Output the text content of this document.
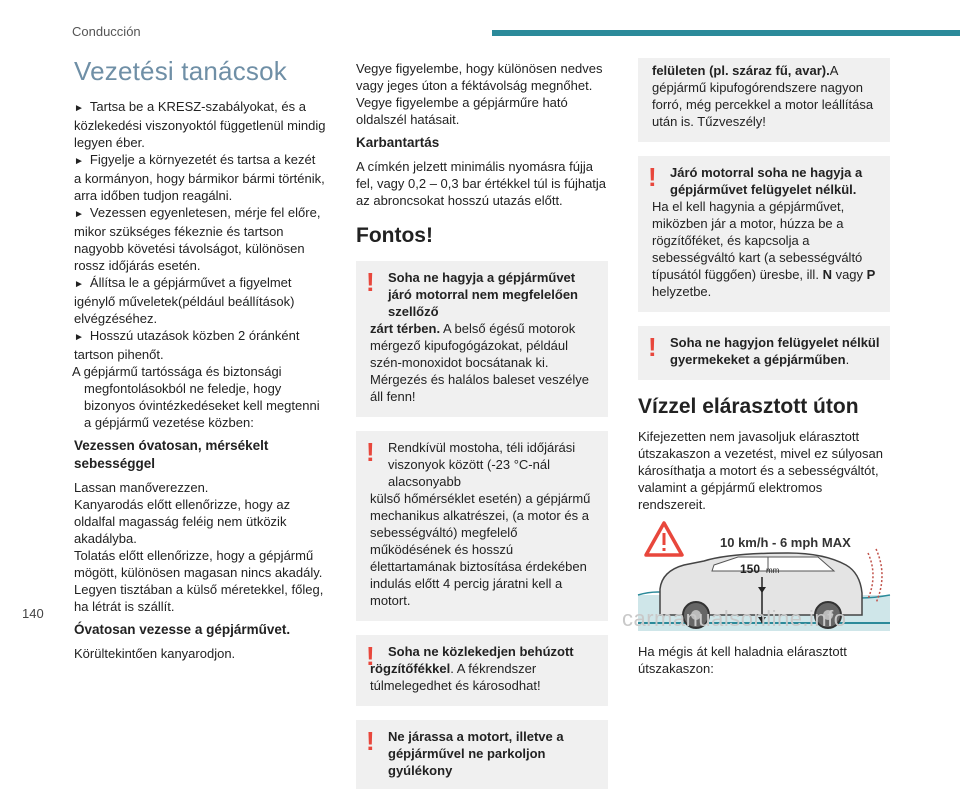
Conducción
Vezetési tanácsok

► Tartsa be a KRESZ-szabályokat, és a közlekedési viszonyoktól függetlenül mindig legyen éber.

► Figyelje a környezetét és tartsa a kezét a kormányon, hogy bármikor bármi történik, arra időben tudjon reagálni.

► Vezessen egyenletesen, mérje fel előre, mikor szükséges fékeznie és tartson nagyobb követési távolságot, különösen rossz időjárás esetén.

► Állítsa le a gépjárművet a figyelmet igénylő műveletek(például beállítások) elvégzéséhez.

► Hosszú utazások közben 2 óránként tartson pihenőt.

A gépjármű tartóssága és biztonsági megfontolásokból ne feledje, hogy bizonyos óvintézkedéseket kell megtenni a gépjármű vezetése közben:

Vezessen óvatosan, mérsékelt sebességgel

Lassan manőverezzen.
Kanyarodás előtt ellenőrizze, hogy az oldalfal magasság feléig nem ütközik akadályba.
Tolatás előtt ellenőrizze, hogy a gépjármű mögött, különösen magasan nincs akadály.
Legyen tisztában a külső méretekkel, főleg, ha létrát is szállít.

Óvatosan vezesse a gépjárművet.

Körültekintően kanyarodjon.

Vegye figyelembe, hogy különösen nedves vagy jeges úton a féktávolság megnőhet.
Vegye figyelembe a gépjárműre ható oldalszél hatásait.

Karbantartás

A címkén jelzett minimális nyomásra fújja fel, vagy 0,2 – 0,3 bar értékkel túl is fújhatja az abroncsokat hosszú utazás előtt.

Fontos!
!	Soha ne hagyja a gépjárművet járó motorral nem megfelelően szellőző
zárt térben. A belső égésű motorok mérgező kipufogógázokat, például szén-monoxidot bocsátanak ki. Mérgezés és halálos baleset veszélye áll fenn!
!	Rendkívül mostoha, téli időjárási viszonyok között (-23 °C-nál alacsonyabb
külső hőmérséklet esetén) a gépjármű mechanikus alkatrészei, (a motor és a sebességváltó) megfelelő működésének és hosszú élettartamának biztosítása érdekében indulás előtt 4 percig járatni kell a motort.
!	Soha ne közlekedjen behúzott
rögzítőfékkel. A fékrendszer túlmelegedhet és károsodhat!
!	Ne járassa a motort, illetve a gépjárművel ne parkoljon gyúlékony
felületen (pl. száraz fű, avar).A gépjármű kipufogórendszere nagyon forró, még percekkel a motor leállítása után is. Tűzveszély!
!	Járó motorral soha ne hagyja a gépjárművet felügyelet nélkül.
Ha el kell hagynia a gépjárművet, miközben jár a motor, húzza be a rögzítőféket, és kapcsolja a sebességváltó kart (a sebességváltó típusától függően) üresbe, ill. N vagy P helyzetbe.
!	Soha ne hagyjon felügyelet nélkül gyermekeket a gépjárműben.
Vízzel elárasztott úton

Kifejezetten nem javasoljuk elárasztott útszakaszon a vezetést, mivel ez súlyosan károsíthatja a motort és a sebességváltót, valamint a gépjármű elektromos rendszereit.

10 km/h - 6 mph MAX
150 mm

Ha mégis át kell haladnia elárasztott útszakaszon:

140	carmanualsonline.info
